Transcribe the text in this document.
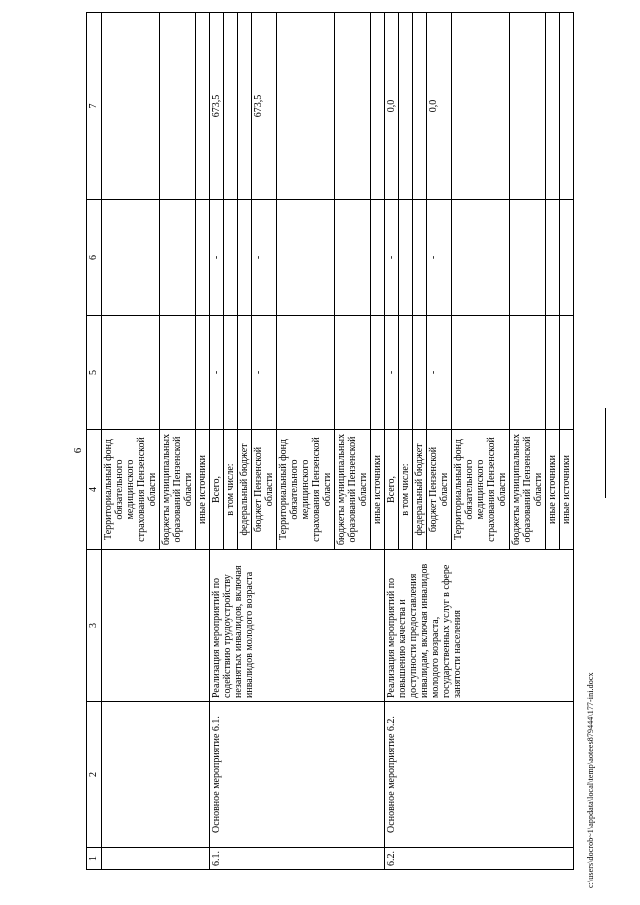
6
1	2	3	4	5	6	7
			Территориальный фонд обязательного медицинского страхования Пензенской области			
			бюджеты муниципальных образований Пензенской области			
			иные источники			
6.1.	Основное мероприятие 6.1.	Реализация мероприятий по содействию трудоустройству незанятых инвалидов, включая инвалидов молодого возраста	Всего,	-	-	673,5
			в том числе:			
			федеральный бюджет			
			бюджет Пензенской области	-	-	673,5
			Территориальный фонд обязательного медицинского страхования Пензенской области			
			бюджеты муниципальных образований Пензенской области			
			иные источники			
6.2.	Основное мероприятие 6.2.	Реализация мероприятий по повышению качества и доступности предоставления инвалидам, включая инвалидов молодого возраста, государственных услуг в сфере занятости населения	Всего,	-	-	0,0
			в том числе:			
			федеральный бюджет			
			бюджет Пензенской области	-	-	0,0
			Территориальный фонд обязательного медицинского страхования Пензенской области			
			бюджеты муниципальных образований Пензенской области			
			иные источники			
			иные источники			
c:\users\docrob~1\appdata\local\temp\aotees879444\177-ini.docx
